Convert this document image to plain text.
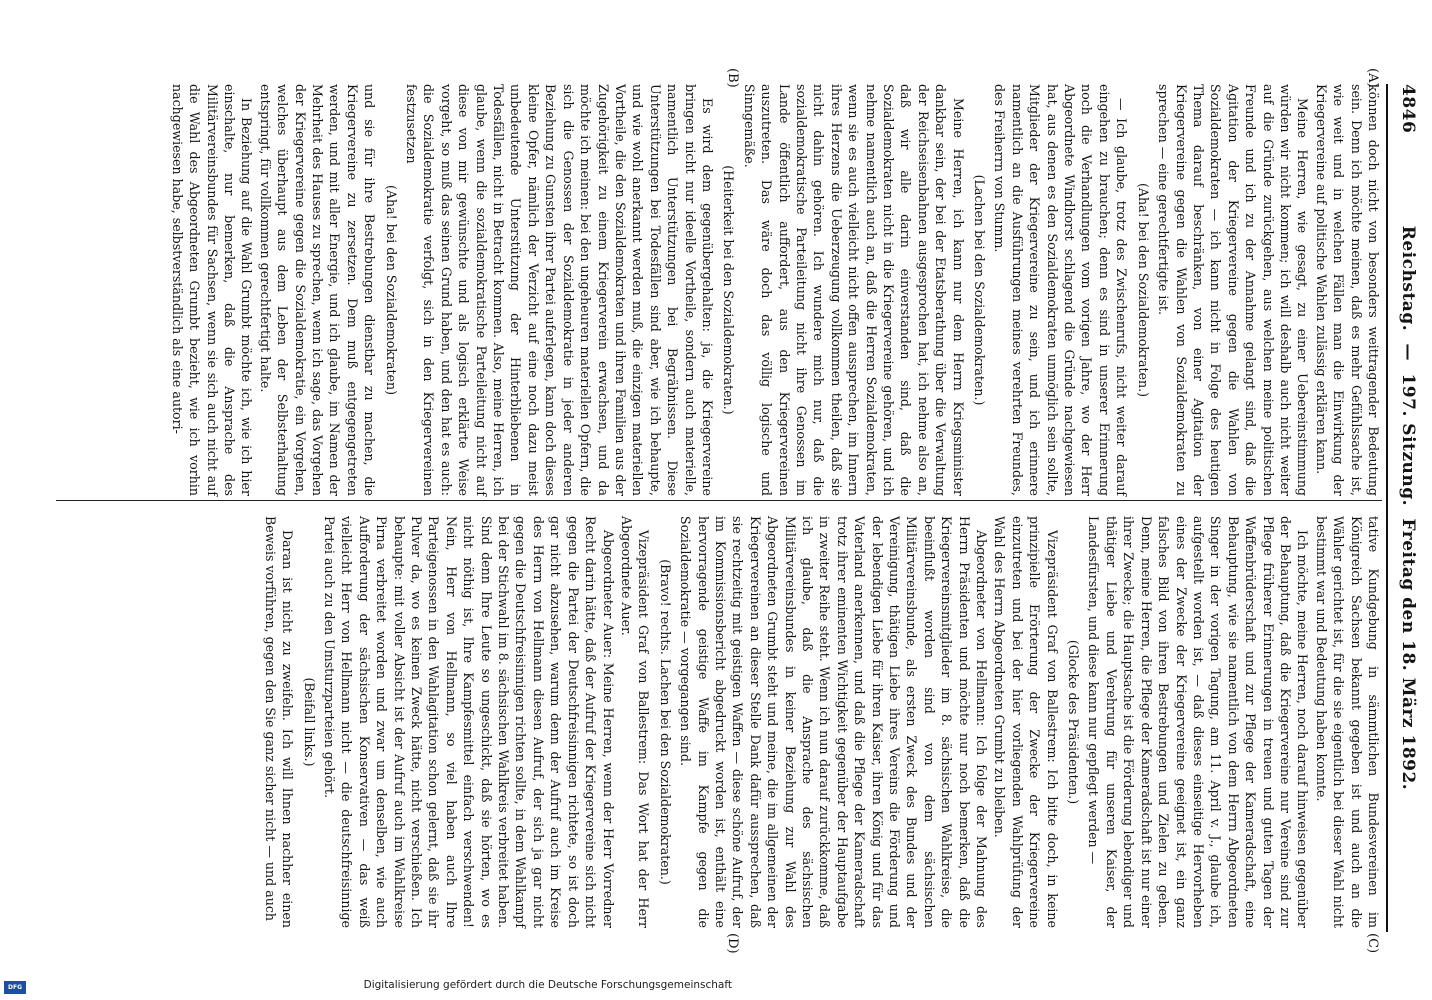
4846
Reichstag. — 197. Sitzung. Freitag den 18. März 1892.
(A)
(B)
(C)
(D)

können doch nicht von besonders weittragender Bedeutung sein. Denn ich möchte meinen, daß es mehr Gefühlssache ist, wie weit und in welchen Fällen man die Einwirkung der Kriegervereine auf politische Wahlen zulässig erklären kann.

Meine Herren, wie gesagt, zu einer Uebereinstimmung würden wir nicht kommen; ich will deshalb auch nicht weiter auf die Gründe zurückgehen, aus welchen meine politischen Freunde und ich zu der Annahme gelangt sind, daß die Agitation der Kriegervereine gegen die Wahlen von Sozialdemokraten — ich kann nicht in Folge des heutigen Thema darauf beschränken, von einer Agitation der Kriegervereine gegen die Wahlen von Sozialdemokraten zu sprechen — eine gerechtfertigte ist.

(Aha! bei den Sozialdemokraten.)

— Ich glaube, trotz des Zwischenrufs, nicht weiter darauf eingehen zu brauchen; denn es sind in unserer Erinnerung noch die Verhandlungen vom vorigen Jahre, wo der Herr Abgeordnete Windhorst schlagend die Gründe nachgewiesen hat, aus denen es den Sozialdemokraten unmöglich sein sollte, Mitglieder der Kriegervereine zu sein, und ich erinnere namentlich an die Ausführungen meines verehrten Freundes, des Freiherrn von Stumm.

(Lachen bei den Sozialdemokraten.)

Meine Herren, ich kann nur dem Herrn Kriegsminister dankbar sein, der bei der Etatsberathung über die Verwaltung der Reichseisenbahnen ausgesprochen hat, ich nehme also an, daß wir alle darin einverstanden sind, daß die Sozialdemokraten nicht in die Kriegervereine gehören, und ich nehme namentlich auch an, daß die Herren Sozialdemokraten, wenn sie es auch vielleicht nicht offen aussprechen, im Innern ihres Herzens die Ueberzeugung vollkommen theilen, daß sie nicht dahin gehören. Ich wundere mich nur, daß die sozialdemokratische Parteileitung nicht ihre Genossen im Lande öffentlich auffordert, aus den Kriegervereinen auszutreten. Das wäre doch das völlig logische und Sinngemäße.

(Heiterkeit bei den Sozialdemokraten.)

Es wird dem gegenübergehalten: ja, die Kriegervereine bringen nicht nur ideelle Vortheile, sondern auch materielle, namentlich Unterstützungen bei Begräbnissen. Diese Unterstützungen bei Todesfällen sind aber, wie ich behaupte, und wie wohl anerkannt werden muß, die einzigen materiellen Vortheile, die den Sozialdemokraten und ihren Familien aus der Zugehörigkeit zu einem Kriegerverein erwachsen, und da möchte ich meinen: bei den ungeheuren materiellen Opfern, die sich die Genossen der Sozialdemokratie in jeder anderen Beziehung zu Gunsten ihrer Partei auferlegen, kann doch dieses kleine Opfer, nämlich der Verzicht auf eine noch dazu meist unbedeutende Unterstützung der Hinterbliebenen in Todesfällen, nicht in Betracht kommen. Also, meine Herren, ich glaube, wenn die sozialdemokratische Parteileitung nicht auf diese von mir gewünschte und als logisch erklärte Weise vorgeht, so muß das seinen Grund haben, und den hat es auch: die Sozialdemokratie verfolgt, sich in den Kriegervereinen festzusetzen

(Aha! bei den Sozialdemokraten)

und sie für ihre Bestrebungen dienstbar zu machen, die Kriegervereine zu zersetzen. Dem muß entgegengetreten werden, und mit aller Energie, und ich glaube, im Namen der Mehrheit des Hauses zu sprechen, wenn ich sage, das Vorgehen der Kriegervereine gegen die Sozialdemokratie, ein Vorgehen, welches überhaupt aus dem Leben der Selbsterhaltung entspringt, für vollkommen gerechtfertigt halte.

In Beziehung auf die Wahl Grumbt möchte ich, wie ich hier einschalte, nur bemerken, daß die Ansprache des Militärvereinsbundes für Sachsen, wenn sie sich auch nicht auf die Wahl des Abgeordneten Grumbt bezieht, wie ich vorhin nachgewiesen habe, selbstverständlich als eine autori-

tative Kundgebung in sämmtlichen Bundesvereinen im Königreich Sachsen bekannt gegeben ist und auch an die Wähler gerichtet ist, für die sie eigentlich bei dieser Wahl nicht bestimmt war und Bedeutung haben konnte.

Ich möchte, meine Herren, noch darauf hinweisen gegenüber der Behauptung, daß die Kriegervereine nur Vereine sind zur Pflege früherer Erinnerungen in treuen und guten Tagen der Waffenbrüderschaft und zur Pflege der Kameradschaft, eine Behauptung, wie sie namentlich von dem Herrn Abgeordneten Singer in der vorigen Tagung, am 11. April v. J., glaube ich, aufgestellt worden ist, — daß dieses einseitige Hervorheben eines der Zwecke der Kriegervereine geeignet ist, ein ganz falsches Bild von ihren Bestrebungen und Zielen zu geben. Denn, meine Herren, die Pflege der Kameradschaft ist nur einer ihrer Zwecke; die Hauptsache ist die Förderung lebendiger und thätiger Liebe und Verehrung für unseren Kaiser, der Landesfürsten, und diese kann nur gepflegt werden —

(Glocke des Präsidenten.)

Vizepräsident Graf von Ballestrem: Ich bitte doch, in keine prinzipielle Erörterung der Zwecke der Kriegervereine einzutreten und bei der hier vorliegenden Wahlprüfung der Wahl des Herrn Abgeordneten Grumbt zu bleiben.

Abgeordneter von Hellmann: Ich folge der Mahnung des Herrn Präsidenten und möchte nur noch bemerken, daß die Kriegervereinsmitglieder im 8. sächsischen Wahlkreise, die beeinflußt worden sind von dem sächsischen Militärvereinsbunde, als ersten Zweck des Bundes und der Vereinigung, thätigen Liebe ihres Vereins die Förderung und der lebendigen Liebe für ihren Kaiser, ihren König und für das Vaterland anerkennen, und daß die Pflege der Kameradschaft trotz ihrer eminenten Wichtigkeit gegenüber der Hauptaufgabe in zweiter Reihe steht. Wenn ich nun darauf zurückkomme, daß ich glaube, daß die Ansprache des sächsischen Militärvereinsbundes in keiner Beziehung zur Wahl des Abgeordneten Grumbt steht und meine, die im allgemeinen der Kriegervereinen an dieser Stelle Dank dafür aussprechen, daß sie rechtzeitig mit geistigen Waffen — diese schöne Aufruf, der im Kommissionsbericht abgedruckt worden ist, enthält eine hervorragende geistige Waffe im Kampfe gegen die Sozialdemokratie — vorgegangen sind.

(Bravo! rechts. Lachen bei den Sozialdemokraten.)

Vizepräsident Graf von Ballestrem: Das Wort hat der Herr Abgeordnete Auer.

Abgeordneter Auer: Meine Herren, wenn der Herr Vorredner Recht darin hätte, daß der Aufruf der Kriegervereine sich nicht gegen die Partei der Deutschfreisinnigen richtete, so ist doch gar nicht abzusehen, warum denn der Aufruf auch im Kreise des Herrn von Hellmann diesen Aufruf, der sich ja gar nicht gegen die Deutschfreisinnigen richten sollte, in dem Wahlkampf bei der Stichwahl im 8. sächsischen Wahlkreis verbreitet haben. Sind denn Ihre Leute so ungeschickt, daß sie hörten, wo es nicht nöthig ist, Ihre Kampfesmittel einfach verschwenden! Nein, Herr von Hellmann, so viel haben auch Ihre Parteigenossen in den Wahlagitation schon gelernt, daß sie ihr Pulver da, wo es keinen Zweck hätte, nicht verschießen. Ich behaupte: mit voller Absicht ist der Aufruf auch im Wahlkreise Pirna verbreitet worden und zwar um denselben, wie auch Aufforderung der sächsischen Konservativen — das weiß vielleicht Herr von Hellmann nicht — die deutschfreisinnige Partei auch zu den Umsturzparteien gehört.

(Beifall links.)

Daran ist nicht zu zweifeln. Ich will Ihnen nachher einen Beweis vorführen, gegen den Sie ganz sicher nicht — und auch

Digitalisierung gefördert durch die Deutsche Forschungsgemeinschaft
DFG
